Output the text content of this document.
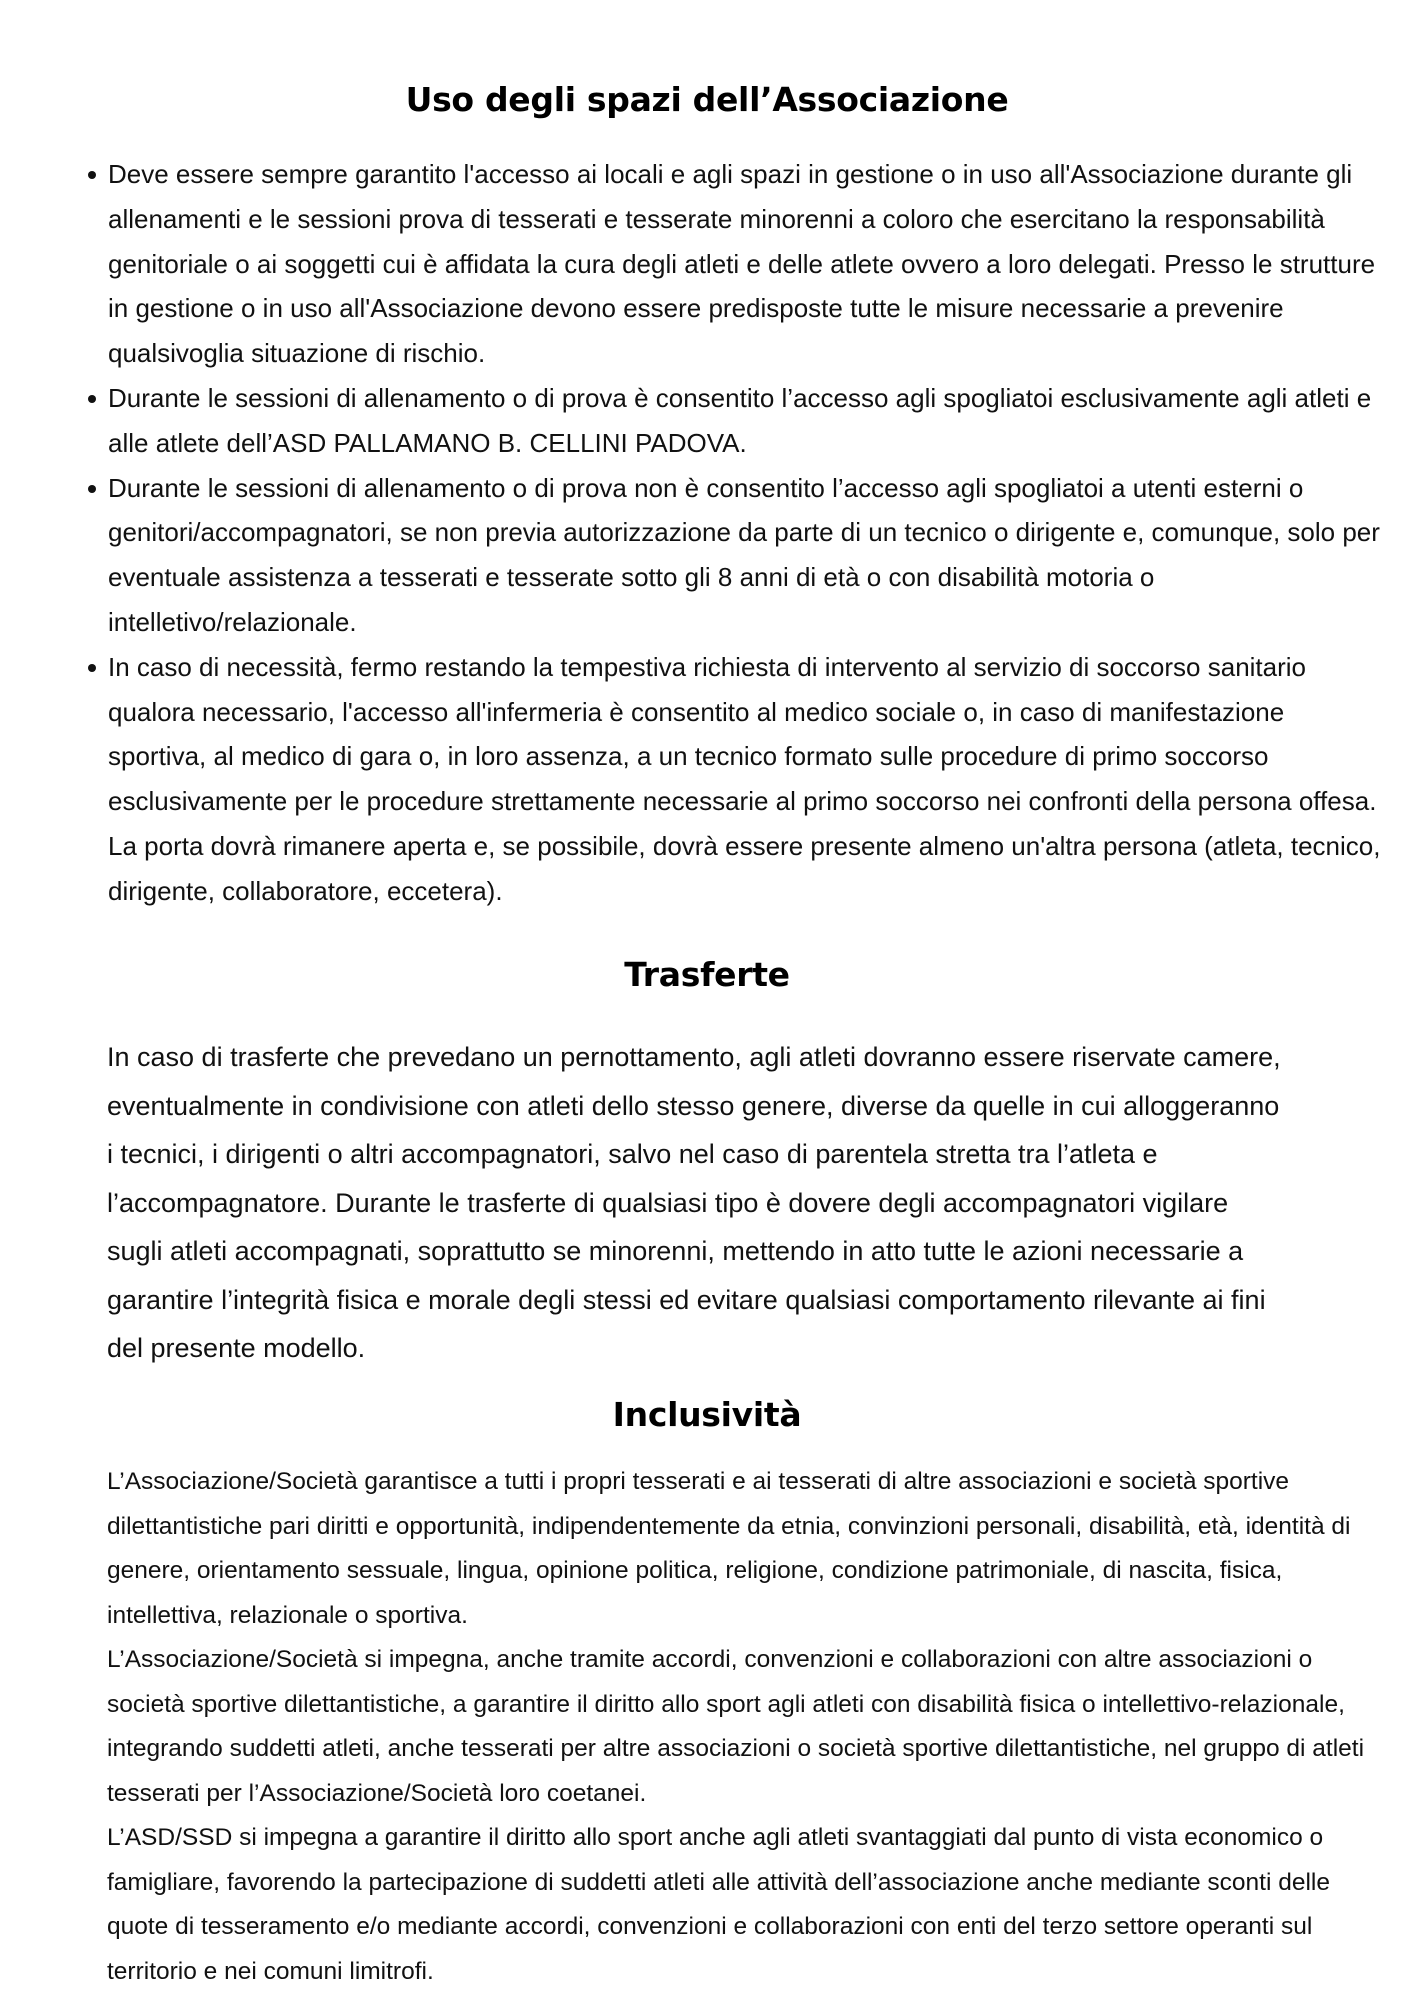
Uso degli spazi dell’Associazione
Deve essere sempre garantito l'accesso ai locali e agli spazi in gestione o in uso all'Associazione durante gli allenamenti e le sessioni prova di tesserati e tesserate minorenni a coloro che esercitano la responsabilità genitoriale o ai soggetti cui è affidata la cura degli atleti e delle atlete ovvero a loro delegati. Presso le strutture in gestione o in uso all'Associazione devono essere predisposte tutte le misure necessarie a prevenire qualsivoglia situazione di rischio.
Durante le sessioni di allenamento o di prova è consentito l’accesso agli spogliatoi esclusivamente agli atleti e alle atlete dell’ASD PALLAMANO B. CELLINI PADOVA.
Durante le sessioni di allenamento o di prova non è consentito l’accesso agli spogliatoi a utenti esterni o genitori/accompagnatori, se non previa autorizzazione da parte di un tecnico o dirigente e, comunque, solo per eventuale assistenza a tesserati e tesserate sotto gli 8 anni di età o con disabilità motoria o intelletivo/relazionale.
In caso di necessità, fermo restando la tempestiva richiesta di intervento al servizio di soccorso sanitario qualora necessario, l'accesso all'infermeria è consentito al medico sociale o, in caso di manifestazione sportiva, al medico di gara o, in loro assenza, a un tecnico formato sulle procedure di primo soccorso esclusivamente per le procedure strettamente necessarie al primo soccorso nei confronti della persona offesa. La porta dovrà rimanere aperta e, se possibile, dovrà essere presente almeno un'altra persona (atleta, tecnico, dirigente, collaboratore, eccetera).
Trasferte

In caso di trasferte che prevedano un pernottamento, agli atleti dovranno essere riservate camere, eventualmente in condivisione con atleti dello stesso genere, diverse da quelle in cui alloggeranno i tecnici, i dirigenti o altri accompagnatori, salvo nel caso di parentela stretta tra l’atleta e l’accompagnatore. Durante le trasferte di qualsiasi tipo è dovere degli accompagnatori vigilare sugli atleti accompagnati, soprattutto se minorenni, mettendo in atto tutte le azioni necessarie a garantire l’integrità fisica e morale degli stessi ed evitare qualsiasi comportamento rilevante ai fini del presente modello.

Inclusività

L’Associazione/Società garantisce a tutti i propri tesserati e ai tesserati di altre associazioni e società sportive dilettantistiche pari diritti e opportunità, indipendentemente da etnia, convinzioni personali, disabilità, età, identità di genere, orientamento sessuale, lingua, opinione politica, religione, condizione patrimoniale, di nascita, fisica, intellettiva, relazionale o sportiva.

L’Associazione/Società si impegna, anche tramite accordi, convenzioni e collaborazioni con altre associazioni o società sportive dilettantistiche, a garantire il diritto allo sport agli atleti con disabilità fisica o intellettivo-relazionale, integrando suddetti atleti, anche tesserati per altre associazioni o società sportive dilettantistiche, nel gruppo di atleti tesserati per l’Associazione/Società loro coetanei.

L’ASD/SSD si impegna a garantire il diritto allo sport anche agli atleti svantaggiati dal punto di vista economico o famigliare, favorendo la partecipazione di suddetti atleti alle attività dell’associazione anche mediante sconti delle quote di tesseramento e/o mediante accordi, convenzioni e collaborazioni con enti del terzo settore operanti sul territorio e nei comuni limitrofi.
